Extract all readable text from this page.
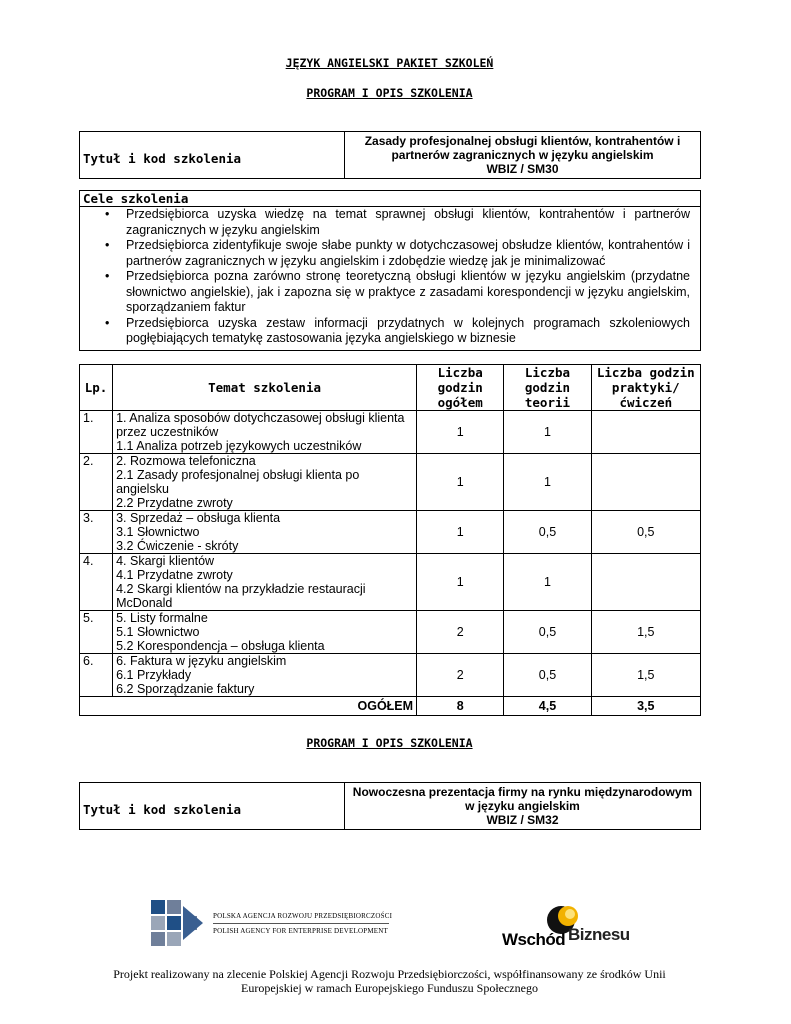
JĘZYK ANGIELSKI PAKIET SZKOLEŃ
PROGRAM I OPIS SZKOLENIA
Tytuł i kod szkolenia	
Zasady profesjonalnej obsługi klientów, kontrahentów i
partnerów zagranicznych w języku angielskim
WBIZ / SM30
Cele szkolenia
• Przedsiębiorca uzyska wiedzę na temat sprawnej obsługi klientów, kontrahentów i partnerów zagranicznych w języku angielskim
• Przedsiębiorca zidentyfikuje swoje słabe punkty w dotychczasowej obsłudze klientów, kontrahentów i partnerów zagranicznych w języku angielskim i zdobędzie wiedzę jak je minimalizować
• Przedsiębiorca pozna zarówno stronę teoretyczną obsługi klientów w języku angielskim (przydatne słownictwo angielskie), jak i zapozna się w praktyce z zasadami korespondencji w języku angielskim, sporządzaniem faktur
• Przedsiębiorca uzyska zestaw informacji przydatnych w kolejnych programach szkoleniowych pogłębiających tematykę zastosowania języka angielskiego w biznesie
Lp.	Temat szkolenia	Liczba godzin ogółem	Liczba godzin teorii	Liczba godzin praktyki/ćwiczeń
1.	1. Analiza sposobów dotychczasowej obsługi klienta przez uczestników
1.1 Analiza potrzeb językowych uczestników	1	1	
2.	2. Rozmowa telefoniczna
2.1 Zasady profesjonalnej obsługi klienta po angielsku
2.2 Przydatne zwroty	1	1	
3.	3. Sprzedaż – obsługa klienta
3.1 Słownictwo
3.2 Ćwiczenie - skróty	1	0,5	0,5
4.	4. Skargi klientów
4.1 Przydatne zwroty
4.2 Skargi klientów na przykładzie restauracji McDonald	1	1	
5.	5. Listy formalne
5.1 Słownictwo
5.2 Korespondencja – obsługa klienta	2	0,5	1,5
6.	6. Faktura w języku angielskim
6.1 Przykłady
6.2 Sporządzanie faktury	2	0,5	1,5
OGÓŁEM		8	4,5	3,5
PROGRAM I OPIS SZKOLENIA
Tytuł i kod szkolenia	
Nowoczesna prezentacja firmy na rynku międzynarodowym
w języku angielskim
WBIZ / SM32
POLSKA AGENCJA ROZWOJU PRZEDSIĘBIORCZOŚCI
POLISH AGENCY FOR ENTERPRISE DEVELOPMENT	Wschód Biznesu
Projekt realizowany na zlecenie Polskiej Agencji Rozwoju Przedsiębiorczości, współfinansowany ze środków Unii
Europejskiej w ramach Europejskiego Funduszu Społecznego
